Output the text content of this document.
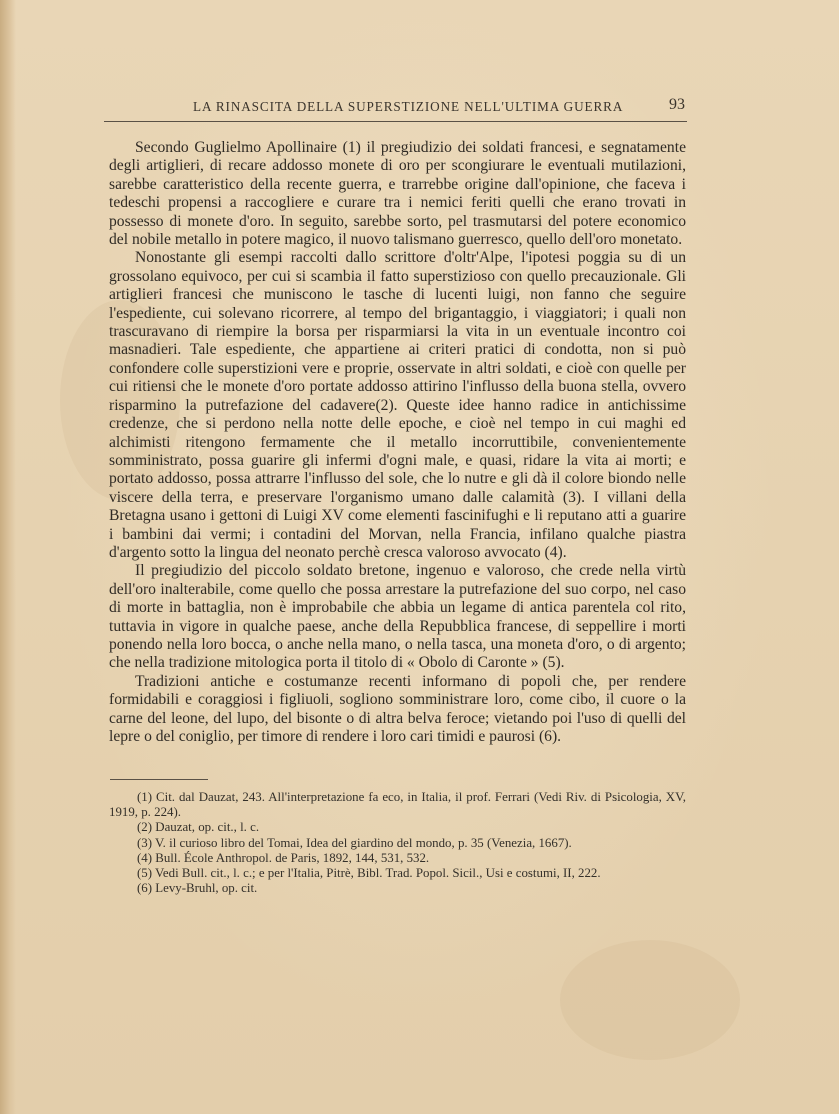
LA RINASCITA DELLA SUPERSTIZIONE NELL'ULTIMA GUERRA	93

Secondo Guglielmo Apollinaire (1) il pregiudizio dei soldati francesi, e segnatamente degli artiglieri, di recare addosso monete di oro per scongiurare le eventuali mutilazioni, sarebbe caratteristico della recente guerra, e trarrebbe origine dall'opinione, che faceva i tedeschi propensi a raccogliere e curare tra i nemici feriti quelli che erano trovati in possesso di monete d'oro. In seguito, sarebbe sorto, pel trasmutarsi del potere economico del nobile metallo in potere magico, il nuovo talismano guerresco, quello dell'oro monetato.

Nonostante gli esempi raccolti dallo scrittore d'oltr'Alpe, l'ipotesi poggia su di un grossolano equivoco, per cui si scambia il fatto superstizioso con quello precauzionale. Gli artiglieri francesi che muniscono le tasche di lucenti luigi, non fanno che seguire l'espediente, cui solevano ricorrere, al tempo del brigantaggio, i viaggiatori; i quali non trascuravano di riempire la borsa per risparmiarsi la vita in un eventuale incontro coi masnadieri. Tale espediente, che appartiene ai criteri pratici di condotta, non si può confondere colle superstizioni vere e proprie, osservate in altri soldati, e cioè con quelle per cui ritiensi che le monete d'oro portate addosso attirino l'influsso della buona stella, ovvero risparmino la putrefazione del cadavere(2). Queste idee hanno radice in antichissime credenze, che si perdono nella notte delle epoche, e cioè nel tempo in cui maghi ed alchimisti ritengono fermamente che il metallo incorruttibile, convenientemente somministrato, possa guarire gli infermi d'ogni male, e quasi, ridare la vita ai morti; e portato addosso, possa attrarre l'influsso del sole, che lo nutre e gli dà il colore biondo nelle viscere della terra, e preservare l'organismo umano dalle calamità (3). I villani della Bretagna usano i gettoni di Luigi XV come elementi fascinifughi e li reputano atti a guarire i bambini dai vermi; i contadini del Morvan, nella Francia, infilano qualche piastra d'argento sotto la lingua del neonato perchè cresca valoroso avvocato (4).

Il pregiudizio del piccolo soldato bretone, ingenuo e valoroso, che crede nella virtù dell'oro inalterabile, come quello che possa arrestare la putrefazione del suo corpo, nel caso di morte in battaglia, non è improbabile che abbia un legame di antica parentela col rito, tuttavia in vigore in qualche paese, anche della Repubblica francese, di seppellire i morti ponendo nella loro bocca, o anche nella mano, o nella tasca, una moneta d'oro, o di argento; che nella tradizione mitologica porta il titolo di « Obolo di Caronte » (5).

Tradizioni antiche e costumanze recenti informano di popoli che, per rendere formidabili e coraggiosi i figliuoli, sogliono somministrare loro, come cibo, il cuore o la carne del leone, del lupo, del bisonte o di altra belva feroce; vietando poi l'uso di quelli del lepre o del coniglio, per timore di rendere i loro cari timidi e paurosi (6).

(1) Cit. dal Dauzat, 243. All'interpretazione fa eco, in Italia, il prof. Ferrari (Vedi Riv. di Psicologia, XV, 1919, p. 224).

(2) Dauzat, op. cit., l. c.

(3) V. il curioso libro del Tomai, Idea del giardino del mondo, p. 35 (Venezia, 1667).

(4) Bull. École Anthropol. de Paris, 1892, 144, 531, 532.

(5) Vedi Bull. cit., l. c.; e per l'Italia, Pitrè, Bibl. Trad. Popol. Sicil., Usi e costumi, II, 222.

(6) Levy-Bruhl, op. cit.
